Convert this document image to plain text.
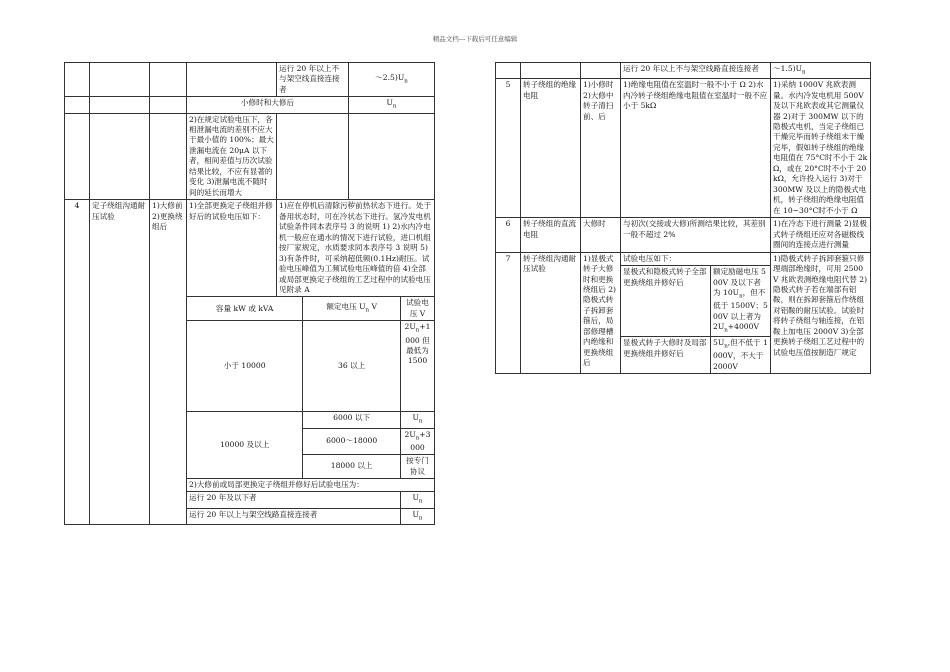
精品文档---下载后可任意编辑
				运行 20 年以上不与架空线直接连接者	$\sim 2.5)U_n$
			小修时和大修后	$U_n$
			2)在规定试验电压下，各相泄漏电流的差别不应大于最小值的 100%；最大泄漏电流在 20μA 以下者，相间差值与历次试验结果比较，不应有显著的变化 3)泄漏电流不随时间的延长而增大		
4	定子绕组沟通耐压试验	1)大修前 2)更换绕组后	1)全部更换定子绕组并修好后的试验电压如下：	1)应在停机后清除污秽前热状态下进行。处于备用状态时，可在冷状态下进行。氢冷发电机试验条件同本表序号 3 的说明 1) 2)水内冷电机一般应在通水的情况下进行试验，进口机组按厂家规定，水质要求同本表序号 3 说明 5) 3)有条件时，可采纳超低频(0.1Hz)耐压。试验电压峰值为工频试验电压峰值的倍 4)全部或局部更换定子绕组的工艺过程中的试验电压见附录 A

容量 kW 或 kVA	额定电压 $U_n$ V	试验电压 V
小于 10000	36 以上	$2U_n+1000$ 但最低为 1500
10000 及以上	6000 以下	$U_n$
6000～18000	$2U_n+3000$
18000 以上	按专门协议
2)大修前或局部更换定子绕组并修好后试验电压为：
运行 20 年及以下者	$U_n$
运行 20 年以上与架空线路直接连接者	$U_n$
			运行 20 年以上不与架空线路直接连接者		$\sim 1.5)U_n$
5	转子绕组的绝缘电阻	1)小修时 2)大修中转子清扫前、后	1)绝缘电阻值在室温时一般不小于 Ω 2)水内冷转子绕组绝缘电阻值在室温时一般不应小于 5kΩ		1)采纳 1000V 兆欧表测量。水内冷发电机用 500V 及以下兆欧表或其它测量仪器 2)对于 300MW 以下的隐极式电机，当定子绕组已干燥完毕而转子绕组未干燥完毕，假如转子绕组的绝缘电阻值在 75°C时不小于 2kΩ，或在 20°C时不小于 20kΩ，允许投入运行 3)对于 300MW 及以上的隐极式电机，转子绕组的绝缘电阻值在 10~30°C时不小于 Ω
6	转子绕组的直流电阻	大修时	与初次(交接或大修)所测结果比较，其差别一般不超过 2%		1)在冷态下进行测量 2)显极式转子绕组还应对各磁极线圈间的连接点进行测量
7	转子绕组沟通耐压试验	1)显极式转子大修时和更换绕组后 2)隐极式转子拆卸套箍后，局部修理槽内绝缘和更换绕组后	试验电压如下：		1)隐极式转子拆卸套箍只修理端部绝缘时，可用 2500V 兆欧表测绝缘电阻代替 2)隐极式转子若在端部有铝鞍，则在拆卸套箍后作绕组对铝鞍的耐压试验。试验时将转子绕组与轴连接，在铝鞍上加电压 2000V 3)全部更换转子绕组工艺过程中的试验电压值按制造厂规定
			显极式和隐极式转子全部更换绕组并修好后	额定励磁电压 500V 及以下者为 $10U_n$，但不低于 1500V；500V 以上者为 $2U_n+4000V$	
			显极式转子大修时及局部更换绕组并修好后	$5U_n$,但不低于 1000V，不大于 2000V	
